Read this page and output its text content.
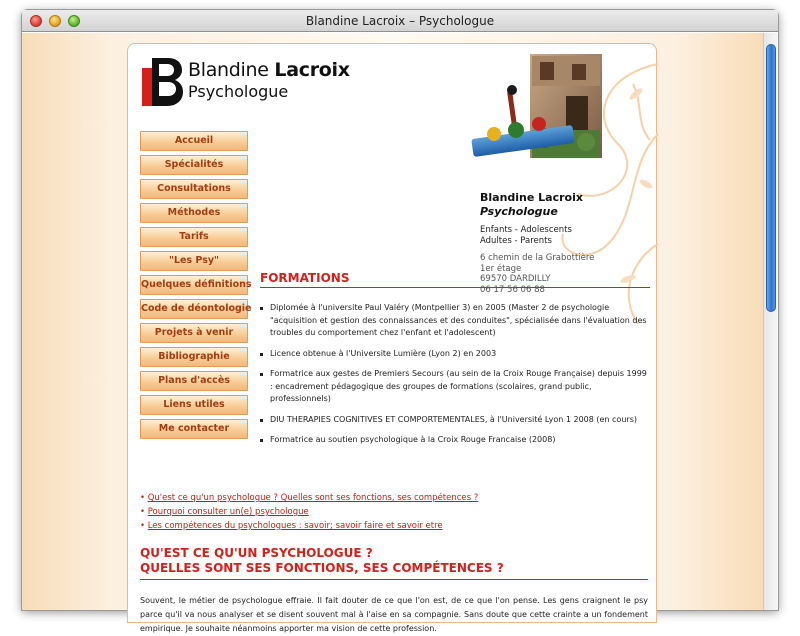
Blandine Lacroix – Psychologue
Blandine Lacroix
Psychologue
Accueil
Spécialités
Consultations
Méthodes
Tarifs
"Les Psy"
Quelques définitions
Code de déontologie
Projets à venir
Bibliographie
Plans d'accès
Liens utiles
Me contacter
Blandine Lacroix
Psychologue
Enfants - Adolescents
Adultes - Parents
6 chemin de la Grabottière
1er étage
69570 DARDILLY
06 17 56 06 88
FORMATIONS
Diplomée à l'universite Paul Valéry (Montpellier 3) en 2005 (Master 2 de psychologie "acquisition et gestion des connaissances et des conduites", spécialisée dans l'évaluation des troubles du comportement chez l'enfant et l'adolescent)
Licence obtenue à l'Universite Lumière (Lyon 2) en 2003
Formatrice aux gestes de Premiers Secours (au sein de la Croix Rouge Française) depuis 1999 : encadrement pédagogique des groupes de formations (scolaires, grand public, professionnels)
DIU THERAPIES COGNITIVES ET COMPORTEMENTALES, à l'Université Lyon 1 2008 (en cours)
Formatrice au soutien psychologique à la Croix Rouge Francaise (2008)
• Qu'est ce qu'un psychologue ? Quelles sont ses fonctions, ses compétences ?
• Pourquoi consulter un(e) psychologue
• Les compétences du psychologues : savoir; savoir faire et savoir etre
QU'EST CE QU'UN PSYCHOLOGUE ?
QUELLES SONT SES FONCTIONS, SES COMPÉTENCES ?

Souvent, le métier de psychologue effraie. Il fait douter de ce que l'on est, de ce que l'on pense. Les gens craignent le psy parce qu'il va nous analyser et se disent souvent mal à l'aise en sa compagnie. Sans doute que cette crainte a un fondement empirique. Je souhaite néanmoins apporter ma vision de cette profession.
